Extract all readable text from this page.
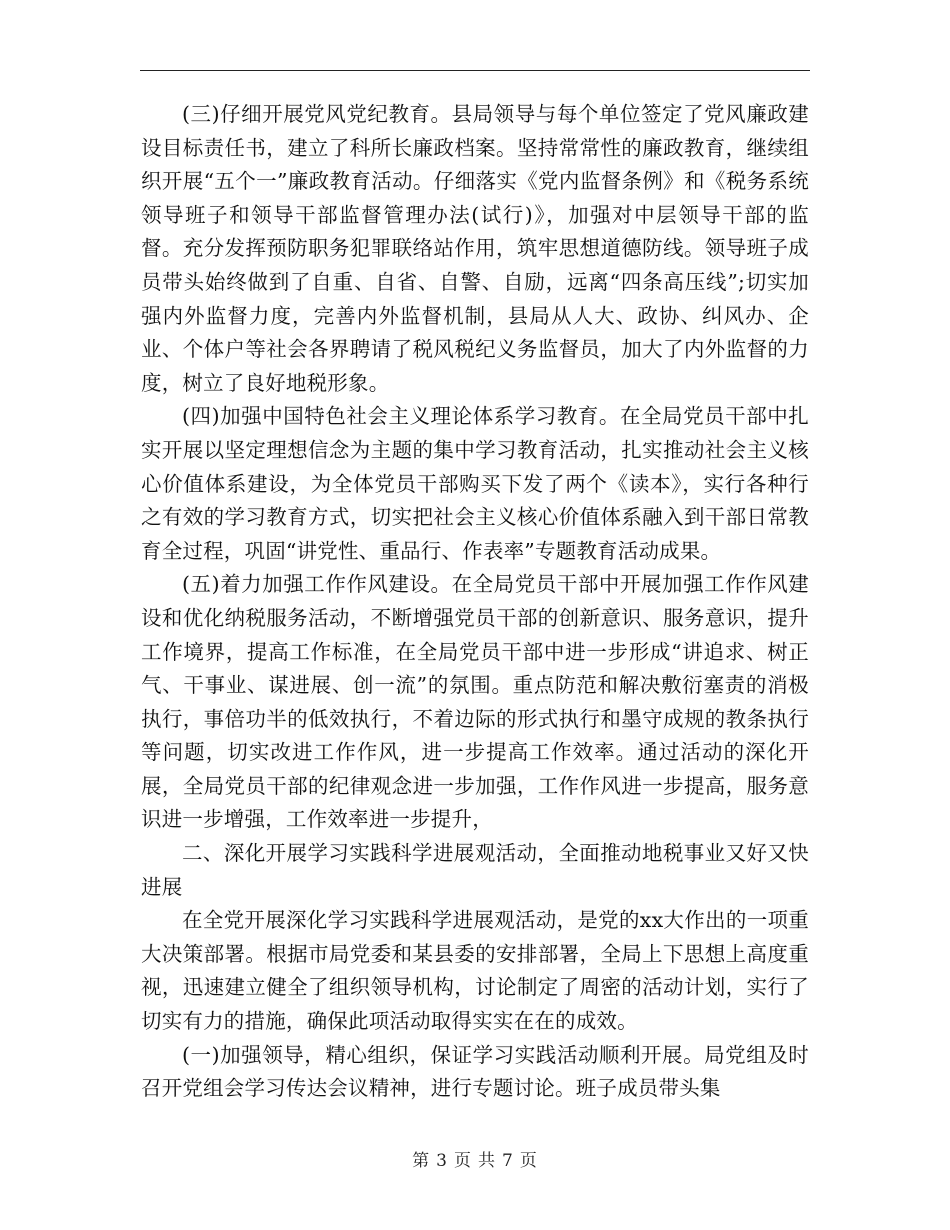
(三)仔细开展党风党纪教育。县局领导与每个单位签定了党风廉政建设目标责任书，建立了科所长廉政档案。坚持常常性的廉政教育，继续组织开展“五个一”廉政教育活动。仔细落实《党内监督条例》和《税务系统领导班子和领导干部监督管理办法(试行)》，加强对中层领导干部的监督。充分发挥预防职务犯罪联络站作用，筑牢思想道德防线。领导班子成员带头始终做到了自重、自省、自警、自励，远离“四条高压线”;切实加强内外监督力度，完善内外监督机制，县局从人大、政协、纠风办、企业、个体户等社会各界聘请了税风税纪义务监督员，加大了内外监督的力度，树立了良好地税形象。

(四)加强中国特色社会主义理论体系学习教育。在全局党员干部中扎实开展以坚定理想信念为主题的集中学习教育活动，扎实推动社会主义核心价值体系建设，为全体党员干部购买下发了两个《读本》，实行各种行之有效的学习教育方式，切实把社会主义核心价值体系融入到干部日常教育全过程，巩固“讲党性、重品行、作表率”专题教育活动成果。

(五)着力加强工作作风建设。在全局党员干部中开展加强工作作风建设和优化纳税服务活动，不断增强党员干部的创新意识、服务意识，提升工作境界，提高工作标准，在全局党员干部中进一步形成“讲追求、树正气、干事业、谋进展、创一流”的氛围。重点防范和解决敷衍塞责的消极执行，事倍功半的低效执行，不着边际的形式执行和墨守成规的教条执行等问题，切实改进工作作风，进一步提高工作效率。通过活动的深化开展，全局党员干部的纪律观念进一步加强，工作作风进一步提高，服务意识进一步增强，工作效率进一步提升，

二、深化开展学习实践科学进展观活动，全面推动地税事业又好又快进展

在全党开展深化学习实践科学进展观活动，是党的xx大作出的一项重大决策部署。根据市局党委和某县委的安排部署，全局上下思想上高度重视，迅速建立健全了组织领导机构，讨论制定了周密的活动计划，实行了切实有力的措施，确保此项活动取得实实在在的成效。

(一)加强领导，精心组织，保证学习实践活动顺利开展。局党组及时召开党组会学习传达会议精神，进行专题讨论。班子成员带头集

第 3 页 共 7 页
